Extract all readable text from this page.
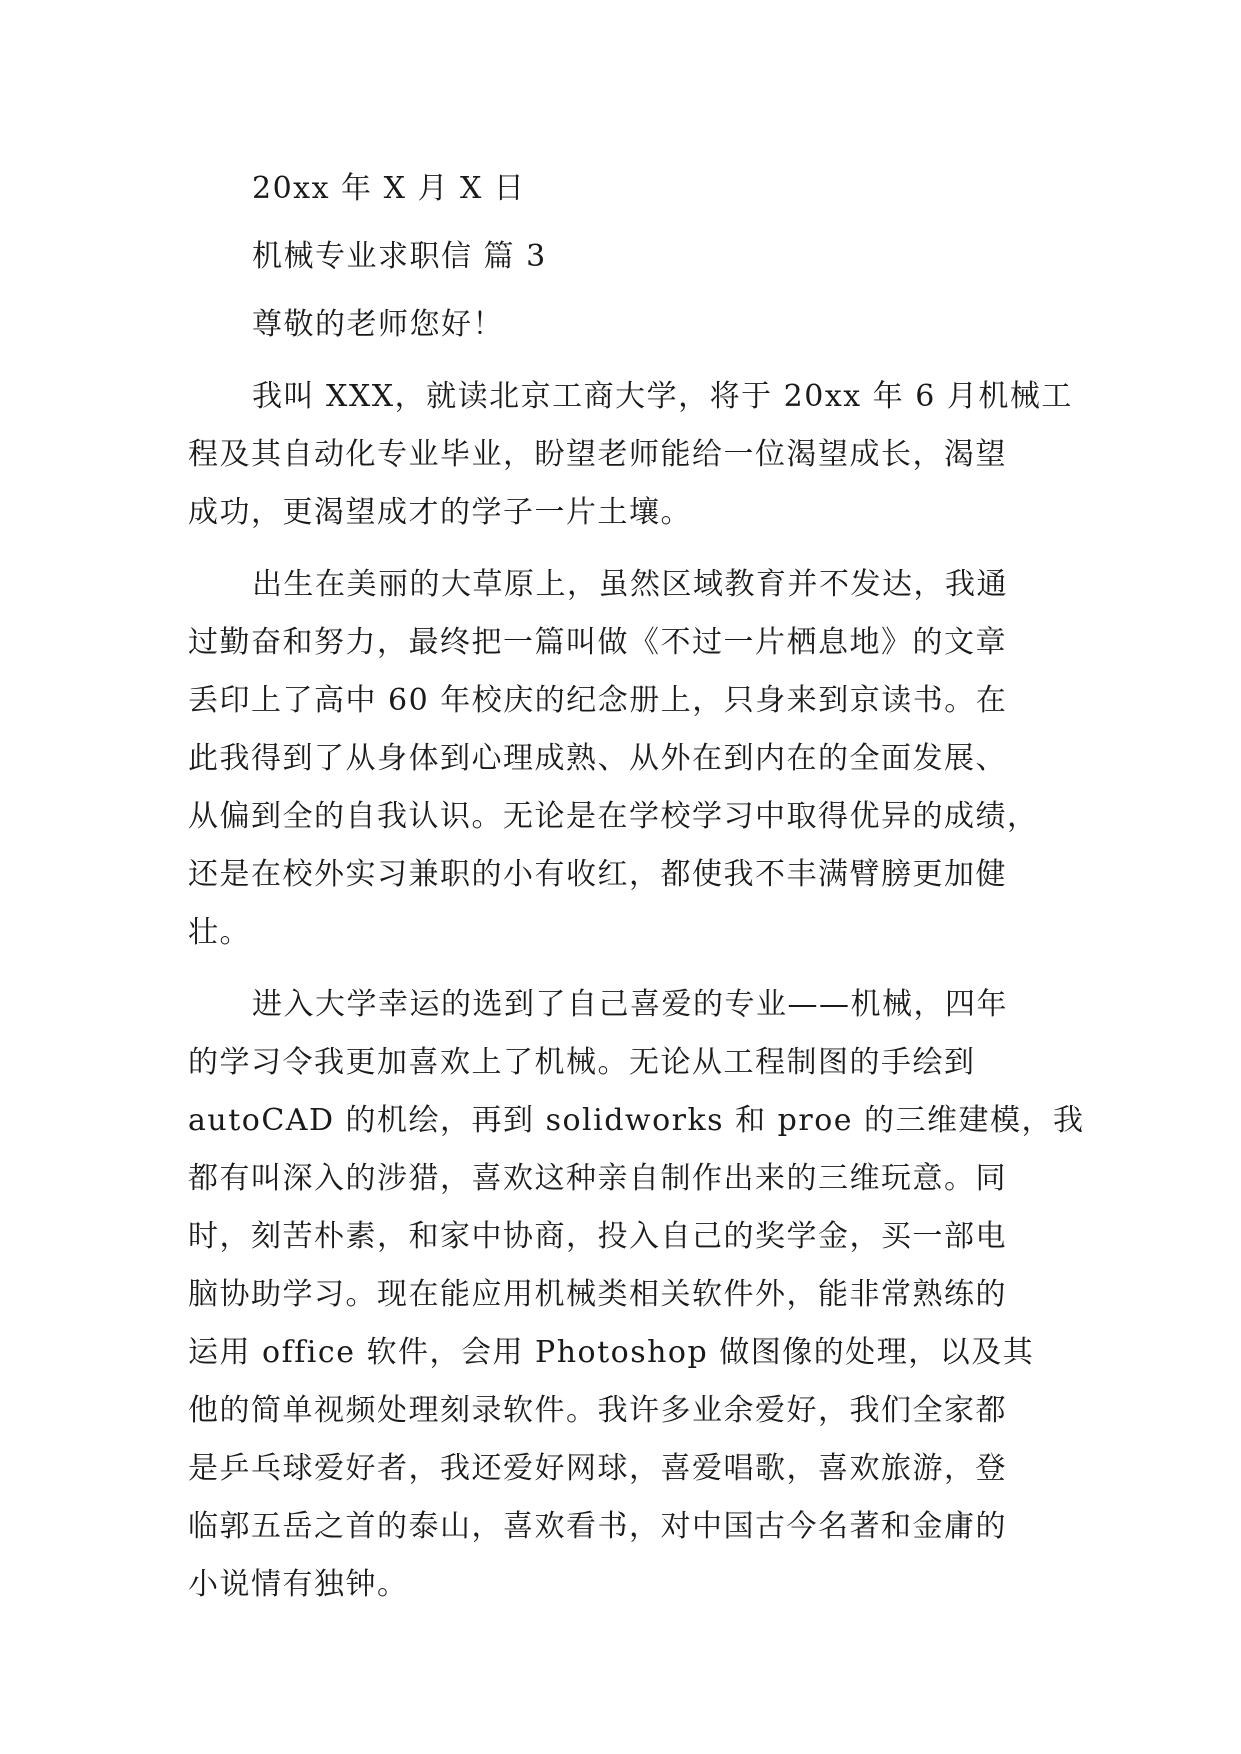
20xx 年 X 月 X 日

机械专业求职信 篇 3

尊敬的老师您好！

我叫 XXX，就读北京工商大学，将于 20xx 年 6 月机械工

程及其自动化专业毕业，盼望老师能给一位渴望成长，渴望

成功，更渴望成才的学子一片土壤。

出生在美丽的大草原上，虽然区域教育并不发达，我通

过勤奋和努力，最终把一篇叫做《不过一片栖息地》的文章

丢印上了高中 60 年校庆的纪念册上，只身来到京读书。在

此我得到了从身体到心理成熟、从外在到内在的全面发展、

从偏到全的自我认识。无论是在学校学习中取得优异的成绩，

还是在校外实习兼职的小有收红，都使我不丰满臂膀更加健

壮。

进入大学幸运的选到了自己喜爱的专业——机械，四年

的学习令我更加喜欢上了机械。无论从工程制图的手绘到

autoCAD 的机绘，再到 solidworks 和 proe 的三维建模，我

都有叫深入的涉猎，喜欢这种亲自制作出来的三维玩意。同

时，刻苦朴素，和家中协商，投入自己的奖学金，买一部电

脑协助学习。现在能应用机械类相关软件外，能非常熟练的

运用 office 软件，会用 Photoshop 做图像的处理，以及其

他的简单视频处理刻录软件。我许多业余爱好，我们全家都

是乒乓球爱好者，我还爱好网球，喜爱唱歌，喜欢旅游，登

临郭五岳之首的泰山，喜欢看书，对中国古今名著和金庸的

小说情有独钟。
